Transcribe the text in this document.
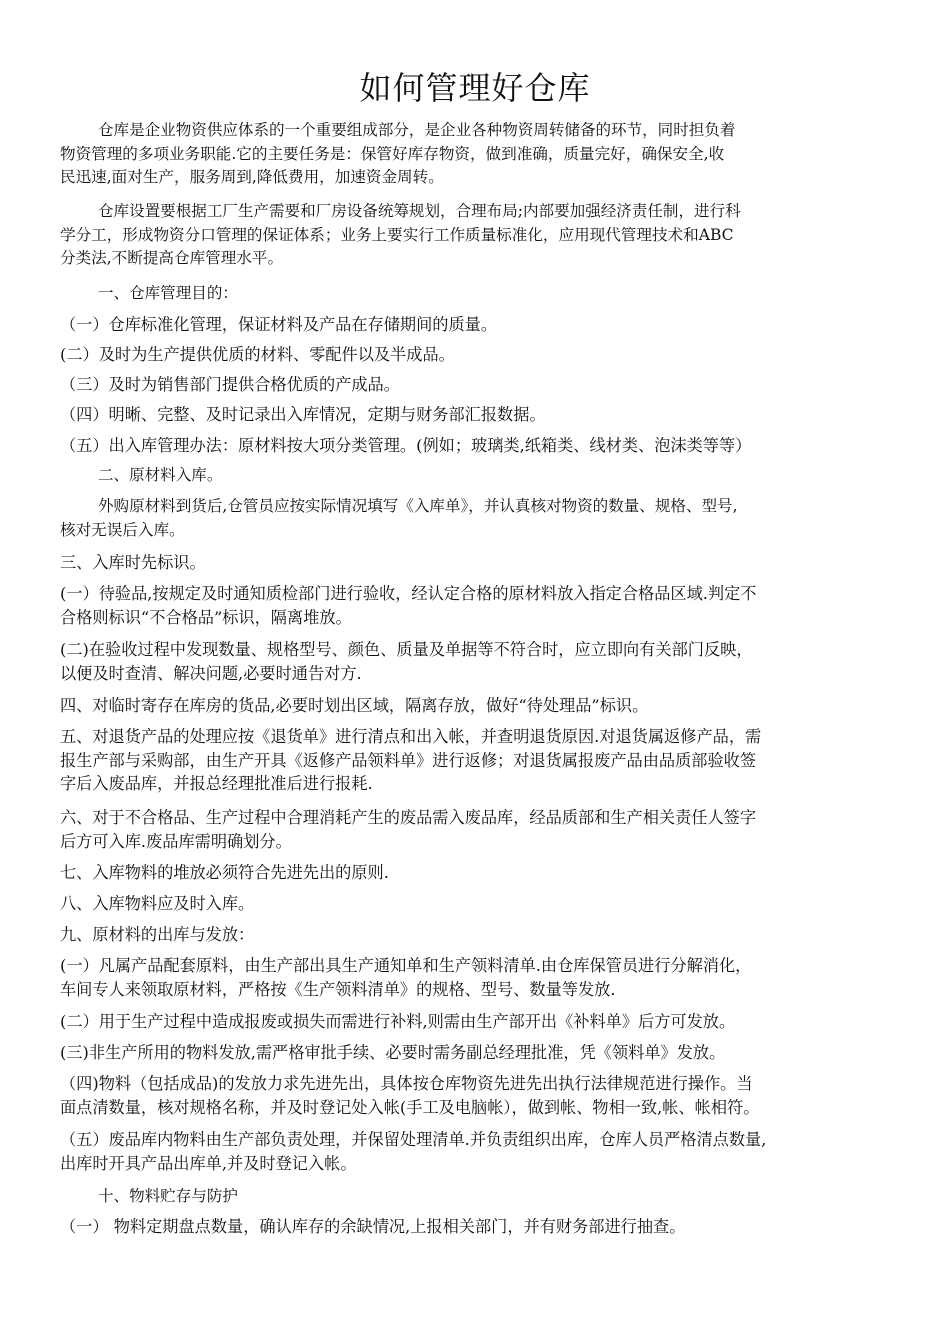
如何管理好仓库
仓库是企业物资供应体系的一个重要组成部分，是企业各种物资周转储备的环节，同时担负着
物资管理的多项业务职能.它的主要任务是：保管好库存物资，做到准确，质量完好，确保安全,收
民迅速,面对生产，服务周到,降低费用，加速资金周转。
仓库设置要根据工厂生产需要和厂房设备统筹规划，合理布局;内部要加强经济责任制，进行科
学分工，形成物资分口管理的保证体系；业务上要实行工作质量标准化，应用现代管理技术和ABC
分类法,不断提高仓库管理水平。
一、仓库管理目的：
（一）仓库标准化管理，保证材料及产品在存储期间的质量。
(二）及时为生产提供优质的材料、零配件以及半成品。
（三）及时为销售部门提供合格优质的产成品。
（四）明晰、完整、及时记录出入库情况，定期与财务部汇报数据。
（五）出入库管理办法：原材料按大项分类管理。(例如；玻璃类,纸箱类、线材类、泡沫类等等）
二、原材料入库。
外购原材料到货后,仓管员应按实际情况填写《入库单》，并认真核对物资的数量、规格、型号,
核对无误后入库。
三、入库时先标识。
(一）待验品,按规定及时通知质检部门进行验收，经认定合格的原材料放入指定合格品区域.判定不
合格则标识“不合格品”标识，隔离堆放。
(二)在验收过程中发现数量、规格型号、颜色、质量及单据等不符合时，应立即向有关部门反映，
以便及时查清、解决问题,必要时通告对方.
四、对临时寄存在库房的货品,必要时划出区域，隔离存放，做好“待处理品”标识。
五、对退货产品的处理应按《退货单》进行清点和出入帐，并查明退货原因.对退货属返修产品，需
报生产部与采购部，由生产开具《返修产品领料单》进行返修；对退货属报废产品由品质部验收签
字后入废品库，并报总经理批准后进行报耗.
六、对于不合格品、生产过程中合理消耗产生的废品需入废品库，经品质部和生产相关责任人签字
后方可入库.废品库需明确划分。
七、入库物料的堆放必须符合先进先出的原则.
八、入库物料应及时入库。
九、原材料的出库与发放：
(一）凡属产品配套原料，由生产部出具生产通知单和生产领料清单.由仓库保管员进行分解消化，
车间专人来领取原材料，严格按《生产领料清单》的规格、型号、数量等发放.
(二）用于生产过程中造成报废或损失而需进行补料,则需由生产部开出《补料单》后方可发放。
(三)非生产所用的物料发放,需严格审批手续、必要时需务副总经理批准，凭《领料单》发放。
（四)物料（包括成品)的发放力求先进先出，具体按仓库物资先进先出执行法律规范进行操作。当
面点清数量，核对规格名称，并及时登记处入帐(手工及电脑帐），做到帐、物相一致,帐、帐相符。
（五）废品库内物料由生产部负责处理，并保留处理清单.并负责组织出库，仓库人员严格清点数量,
出库时开具产品出库单,并及时登记入帐。
十、物料贮存与防护
（一） 物料定期盘点数量，确认库存的余缺情况,上报相关部门，并有财务部进行抽查。
